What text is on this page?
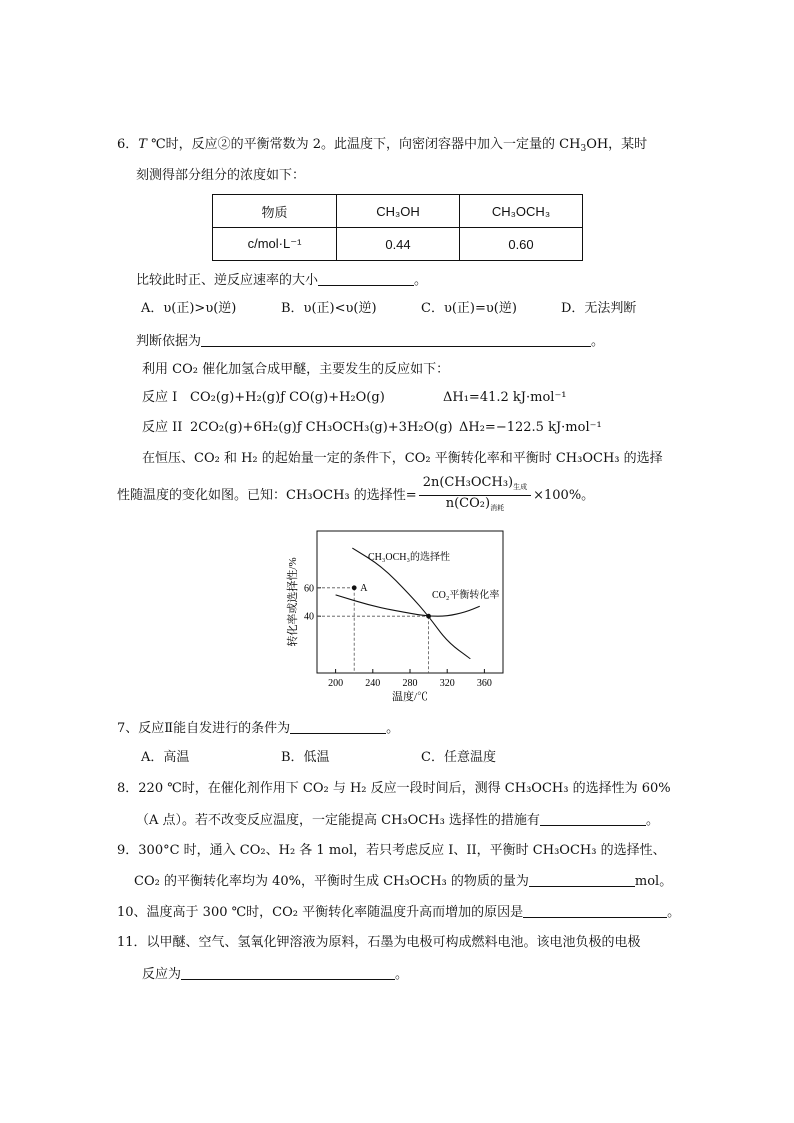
6．T ℃时，反应②的平衡常数为 2。此温度下，向密闭容器中加入一定量的 $CH_3OH$，某时
刻测得部分组分的浓度如下：
物质	CH₃OH	CH₃OCH₃
c/mol·L⁻¹	0.44	0.60
比较此时正、逆反应速率的大小	。
A．υ(正)>υ(逆)	B．υ(正)<υ(逆)	C．υ(正)=υ(逆)	D．无法判断
判断依据为	。
利用 CO₂ 催化加氢合成甲醚，主要发生的反应如下：
反应 I CO₂(g)+H₂(g)ƒ CO(g)+H₂O(g)	ΔH₁=41.2 kJ·mol⁻¹
反应 II 2CO₂(g)+6H₂(g)ƒ CH₃OCH₃(g)+3H₂O(g) ΔH₂=−122.5 kJ·mol⁻¹
在恒压、CO₂ 和 H₂ 的起始量一定的条件下，CO₂ 平衡转化率和平衡时 CH₃OCH₃ 的选择
性随温度的变化如图。已知：CH₃OCH₃ 的选择性= $\frac{2n(CH_3OCH_3)_{生成}}{n(CO_2)_{消耗}} \times 100\%$。
200 240 280 320 360
40
60	A
温度/℃
转化率或选择性/%	CH₃OCH₃的选择性
CO₂平衡转化率
7、反应Ⅱ能自发进行的条件为	。
A．高温	B．低温	C．任意温度
8．220 ℃时，在催化剂作用下 CO₂ 与 H₂ 反应一段时间后，测得 CH₃OCH₃ 的选择性为 60%
（A 点）。若不改变反应温度，一定能提高 CH₃OCH₃ 选择性的措施有	。
9．300°C 时，通入 CO₂、H₂ 各 1 mol，若只考虑反应 I、II，平衡时 CH₃OCH₃ 的选择性、
CO₂ 的平衡转化率均为 40%，平衡时生成 CH₃OCH₃ 的物质的量为	mol。
10、温度高于 300 ℃时，CO₂ 平衡转化率随温度升高而增加的原因是	。
11．以甲醚、空气、氢氧化钾溶液为原料，石墨为电极可构成燃料电池。该电池负极的电极
反应为	。
